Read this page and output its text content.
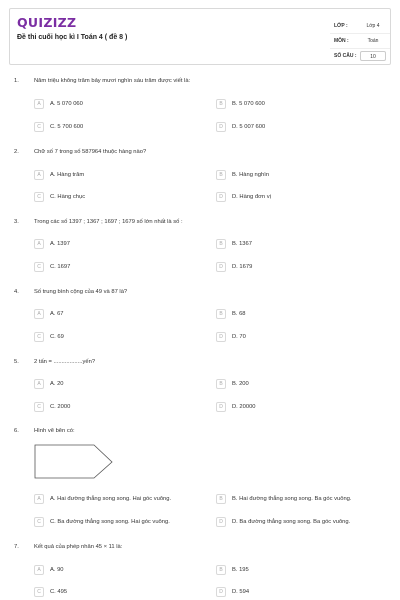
QUIZIZZ
Đề thi cuối học kì I Toán 4 ( đề 8 )
LỚP :	Lớp 4
MÔN :	Toán
SỐ CÂU :	10
1.	Năm triệu không trăm bảy mươi nghìn sáu trăm được viết là:
A	A. 5 070 060	B	B. 5 070 600
C	C. 5 700 600	D	D. 5 007 600
2.	Chữ số 7 trong số 587964 thuộc hàng nào?
A	A. Hàng trăm	B	B. Hàng nghìn
C	C. Hàng chục	D	D. Hàng đơn vị
3.	Trong các số 1397 ; 1367 ; 1697 ; 1679 số lớn nhất là số :
A	A. 1397	B	B. 1367
C	C. 1697	D	D. 1679
4.	Số trung bình cộng của 49 và 87 là?
A	A. 67	B	B. 68
C	C. 69	D	D. 70
5.	2 tấn = ..................yến?
A	A. 20	B	B. 200
C	C. 2000	D	D. 20000
6.	Hình vẽ bên có:
A	A. Hai đường thẳng song song. Hai góc vuông.	B	B. Hai đường thẳng song song. Ba góc vuông.
C	C. Ba đường thẳng song song. Hai góc vuông.	D	D. Ba đường thẳng song song. Ba góc vuông.
7.	Kết quả của phép nhân 45 × 11 là:
A	A. 90	B	B. 195
C	C. 495	D	D. 594
